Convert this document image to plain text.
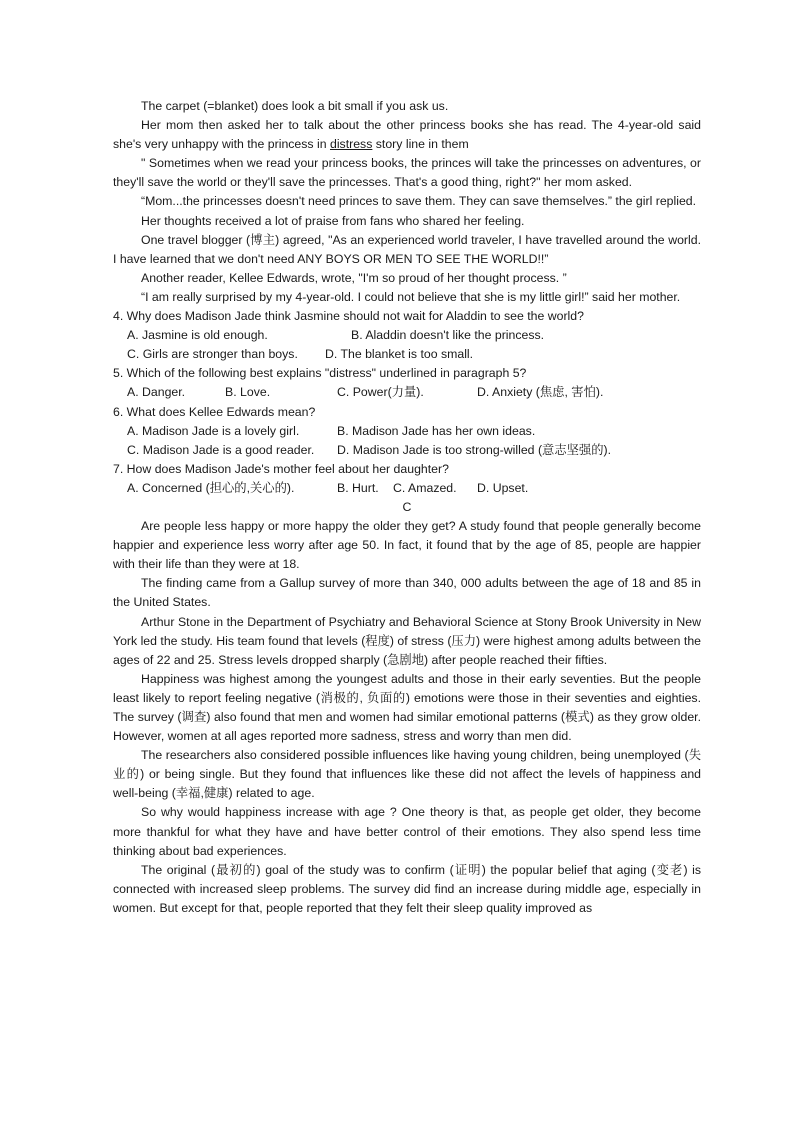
The carpet (=blanket) does look a bit small if you ask us.

Her mom then asked her to talk about the other princess books she has read. The 4-year-old said she's very unhappy with the princess in distress story line in them

" Sometimes when we read your princess books, the princes will take the princesses on adventures, or they'll save the world or they'll save the princesses. That's a good thing, right?" her mom asked.

“Mom...the princesses doesn't need princes to save them. They can save themselves.” the girl replied.

Her thoughts received a lot of praise from fans who shared her feeling.

One travel blogger (博主) agreed, "As an experienced world traveler, I have travelled around the world. I have learned that we don't need ANY BOYS OR MEN TO SEE THE WORLD!!”

Another reader, Kellee Edwards, wrote, "I'm so proud of her thought process. ”

“I am really surprised by my 4-year-old. I could not believe that she is my little girl!” said her mother.

4. Why does Madison Jade think Jasmine should not wait for Aladdin to see the world?

A. Jasmine is old enough.	B. Aladdin doesn't like the princess.

C. Girls are stronger than boys. D. The blanket is too small.

5. Which of the following best explains "distress" underlined in paragraph 5?

A. Danger.	B. Love.	C. Power(力量).	D. Anxiety (焦虑, 害怕).

6. What does Kellee Edwards mean?

A. Madison Jade is a lovely girl.	B. Madison Jade has her own ideas.

C. Madison Jade is a good reader. D. Madison Jade is too strong-willed (意志坚强的).

7. How does Madison Jade's mother feel about her daughter?

A. Concerned (担心的,关心的).	B. Hurt. C. Amazed. D. Upset.

C

Are people less happy or more happy the older they get? A study found that people generally become happier and experience less worry after age 50. In fact, it found that by the age of 85, people are happier with their life than they were at 18.

The finding came from a Gallup survey of more than 340, 000 adults between the age of 18 and 85 in the United States.

Arthur Stone in the Department of Psychiatry and Behavioral Science at Stony Brook University in New York led the study. His team found that levels (程度) of stress (压力) were highest among adults between the ages of 22 and 25. Stress levels dropped sharply (急剧地) after people reached their fifties.

Happiness was highest among the youngest adults and those in their early seventies. But the people least likely to report feeling negative (消极的, 负面的) emotions were those in their seventies and eighties. The survey (调查) also found that men and women had similar emotional patterns (模式) as they grow older. However, women at all ages reported more sadness, stress and worry than men did.

The researchers also considered possible influences like having young children, being unemployed (失业的) or being single. But they found that influences like these did not affect the levels of happiness and well-being (幸福,健康) related to age.

So why would happiness increase with age ? One theory is that, as people get older, they become more thankful for what they have and have better control of their emotions. They also spend less time thinking about bad experiences.

The original (最初的) goal of the study was to confirm (证明) the popular belief that aging (变老) is connected with increased sleep problems. The survey did find an increase during middle age, especially in women. But except for that, people reported that they felt their sleep quality improved as
